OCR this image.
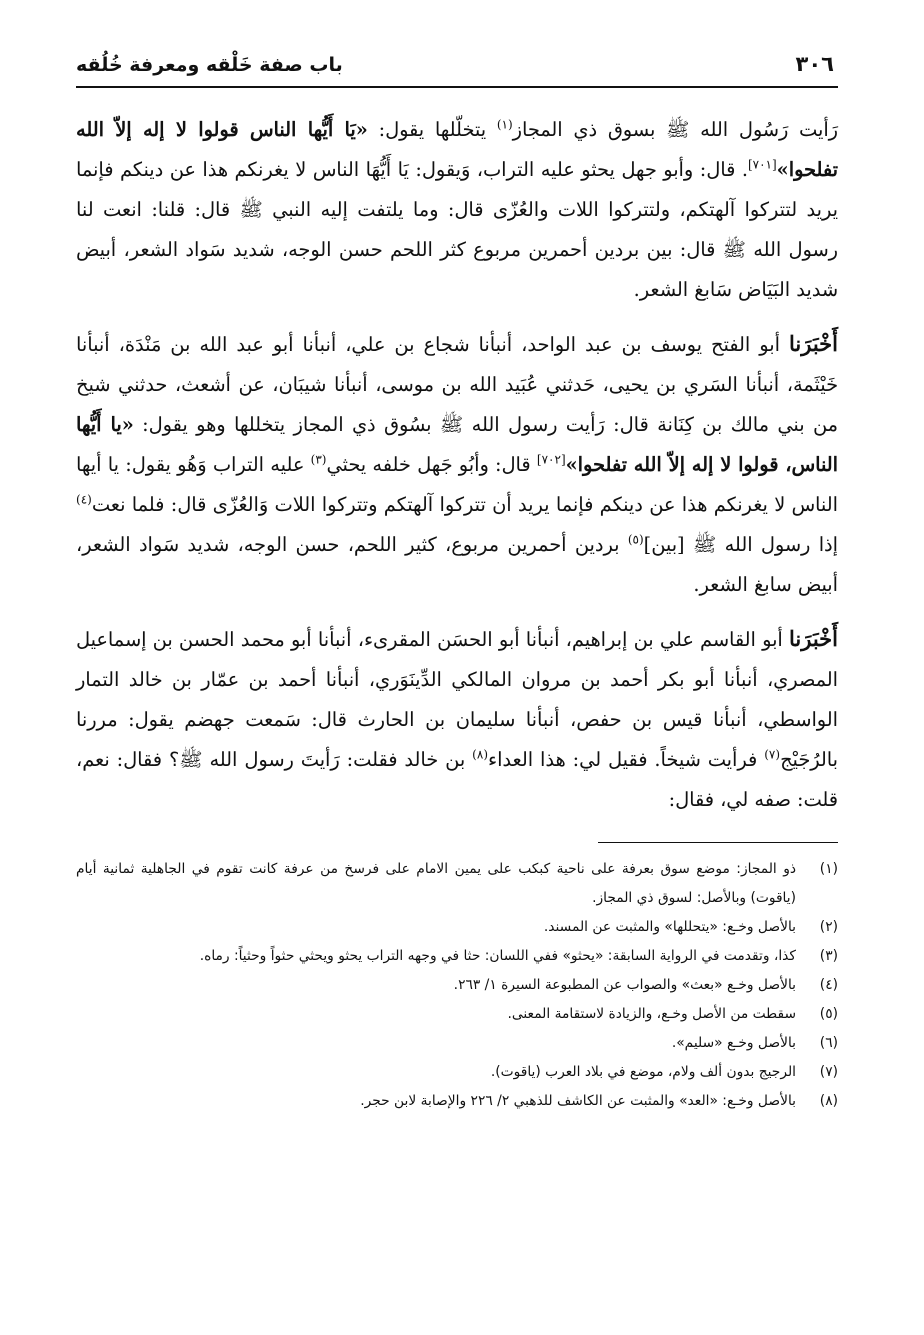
٣٠٦
باب صفة خَلْقه ومعرفة خُلُقه

رَأيت رَسُول الله ﷺ بسوق ذي المجاز$^{(١)}$ يتخلّلها يقول: «يَا أَيُّها الناس قولوا لا إله إلاّ الله تفلحوا»[٧٠١]. قال: وأبو جهل يحثو عليه التراب، وَيقول: يَا أَيُّهَا الناس لا يغرنكم هذا عن دينكم فإنما يريد لتتركوا آلهتكم، ولتتركوا اللات والعُزّى قال: وما يلتفت إليه النبي ﷺ قال: قلنا: انعت لنا رسول الله ﷺ قال: بين بردين أحمرين مربوع كثر اللحم حسن الوجه، شديد سَواد الشعر، أبيض شديد البَيَاض سَابغ الشعر.

أَخْبَرَنا أبو الفتح يوسف بن عبد الواحد، أنبأنا شجاع بن علي، أنبأنا أبو عبد الله بن مَنْدَة، أنبأنا خَيْثَمة، أنبأنا السَري بن يحيى، حَدثني عُبَيد الله بن موسى، أنبأنا شيبَان، عن أشعث، حدثني شيخ من بني مالك بن كِنَانة قال: رَأيت رسول الله ﷺ بسُوق ذي المجاز يتخللها وهو يقول: «يا أَيُّها الناس، قولوا لا إله إلاّ الله تفلحوا»[٧٠٢] قال: وأبُو جَهل خلفه يحثي$^{(٣)}$ عليه التراب وَهُو يقول: يا أيها الناس لا يغرنكم هذا عن دينكم فإنما يريد أن تتركوا آلهتكم وتتركوا اللات وَالعُزّى قال: فلما نعت$^{(٤)}$ إذا رسول الله ﷺ [بين]$^{(٥)}$ بردين أحمرين مربوع، كثير اللحم، حسن الوجه، شديد سَواد الشعر، أبيض سابغ الشعر.

أَخْبَرَنا أبو القاسم علي بن إبراهيم، أنبأنا أبو الحسَن المقرىء، أنبأنا أبو محمد الحسن بن إسماعيل المصري، أنبأنا أبو بكر أحمد بن مروان المالكي الدِّينَوَري، أنبأنا أحمد بن عمّار بن خالد التمار الواسطي، أنبأنا قيس بن حفص، أنبأنا سليمان بن الحارث قال: سَمعت جهضم يقول: مررنا بالرُجَيْج$^{(٧)}$ فرأيت شيخاً. فقيل لي: هذا العداء$^{(٨)}$ بن خالد فقلت: رَأيتَ رسول الله ﷺ؟ فقال: نعم، قلت: صفه لي، فقال:

(١)
ذو المجاز: موضع سوق بعرفة على ناحية كبكب على يمين الامام على فرسخ من عرفة كانت تقوم في الجاهلية ثمانية أيام (ياقوت) وبالأصل: لسوق ذي المجاز.
(٢)
بالأصل وخـع: «يتحللها» والمثبت عن المسند.
(٣)
كذا، وتقدمت في الرواية السابقة: «يحثو» ففي اللسان: حثا في وجهه التراب يحثو ويحثي حثواً وحثياً: رماه.
(٤)
بالأصل وخـع «بعث» والصواب عن المطبوعة السيرة ١/ ٢٦٣.
(٥)
سقطت من الأصل وخـع، والزيادة لاستقامة المعنى.
(٦)
بالأصل وخـع «سليم».
(٧)
الرجيج بدون ألف ولام، موضع في بلاد العرب (ياقوت).
(٨)
بالأصل وخـع: «العد» والمثبت عن الكاشف للذهبي ٢/ ٢٢٦ والإصابة لابن حجر.
